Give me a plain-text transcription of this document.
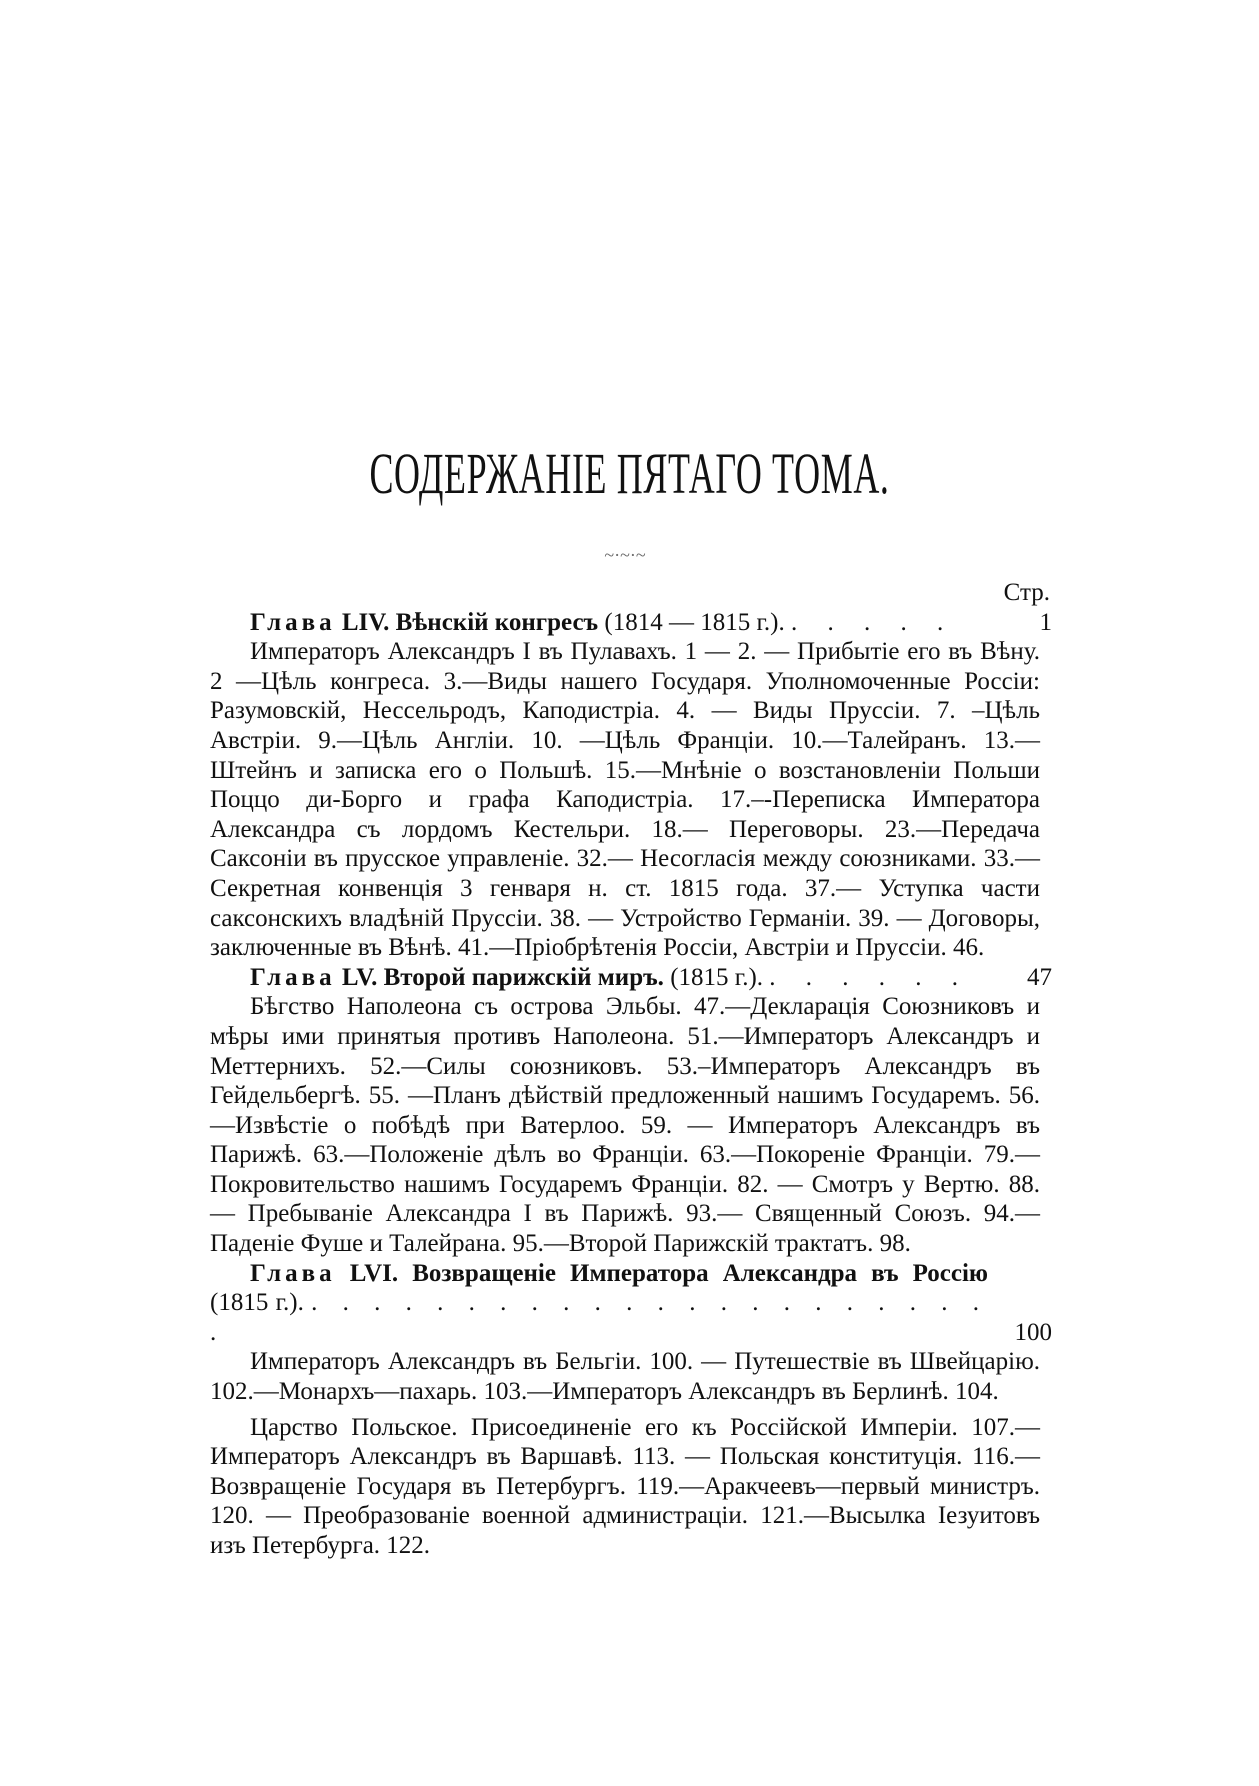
СОДЕРЖАНІЕ ПЯТАГО ТОМА.
~·~·~
Стр.
Глава LIV. Вѣнскій конгресъ (1814 — 1815 г.). . . . . .	1

Императоръ Александръ I въ Пулавахъ. 1 — 2. — Прибытіе его въ Вѣну. 2 —Цѣль конгреса. 3.—Виды нашего Государя. Уполномоченные Россіи: Разумовскій, Нессельродъ, Каподистріа. 4. — Виды Пруссіи. 7. –Цѣль Австріи. 9.—Цѣль Англіи. 10. —Цѣль Франціи. 10.—Талейранъ. 13.—Штейнъ и записка его о Польшѣ. 15.—Мнѣніе о возстановленіи Польши Поццо ди-Борго и графа Каподистріа. 17.–-Переписка Императора Александра съ лордомъ Кестельри. 18.— Переговоры. 23.—Передача Саксоніи въ прусское управленіе. 32.— Несогласія между союзниками. 33.—Секретная конвенція 3 генваря н. ст. 1815 года. 37.— Уступка части саксонскихъ владѣній Пруссіи. 38. — Устройство Германіи. 39. — Договоры, заключенные въ Вѣнѣ. 41.—Пріобрѣтенія Россіи, Австріи и Пруссіи. 46.

Глава LV. Второй парижскій миръ. (1815 г.). . . . . . .	47

Бѣгство Наполеона съ острова Эльбы. 47.—Декларація Союзниковъ и мѣры ими принятыя противъ Наполеона. 51.—Императоръ Александръ и Меттернихъ. 52.—Силы союзниковъ. 53.–Императоръ Александръ въ Гейдельбергѣ. 55. —Планъ дѣйствій предложенный нашимъ Государемъ. 56. —Извѣстіе о побѣдѣ при Ватерлоо. 59. — Императоръ Александръ въ Парижѣ. 63.—Положеніе дѣлъ во Франціи. 63.—Покореніе Франціи. 79.— Покровительство нашимъ Государемъ Франціи. 82. — Смотръ у Вертю. 88. — Пребываніе Александра I въ Парижѣ. 93.— Священный Союзъ. 94.— Паденіе Фуше и Талейрана. 95.—Второй Парижскій трактатъ. 98.

Глава LVI. Возвращеніе Императора Александра въ Россію (1815 г.). . . . . . . . . . . . . . . . . . . . . . . .	100

Императоръ Александръ въ Бельгіи. 100. — Путешествіе въ Швейцарію. 102.—Монархъ—пахарь. 103.—Императоръ Александръ въ Берлинѣ. 104.

Царство Польское. Присоединеніе его къ Россійской Имперіи. 107.— Императоръ Александръ въ Варшавѣ. 113. — Польская конституція. 116.—Возвращеніе Государя въ Петербургъ. 119.—Аракчеевъ—первый министръ. 120. — Преобразованіе военной администраціи. 121.—Высылка Іезуитовъ изъ Петербурга. 122.
